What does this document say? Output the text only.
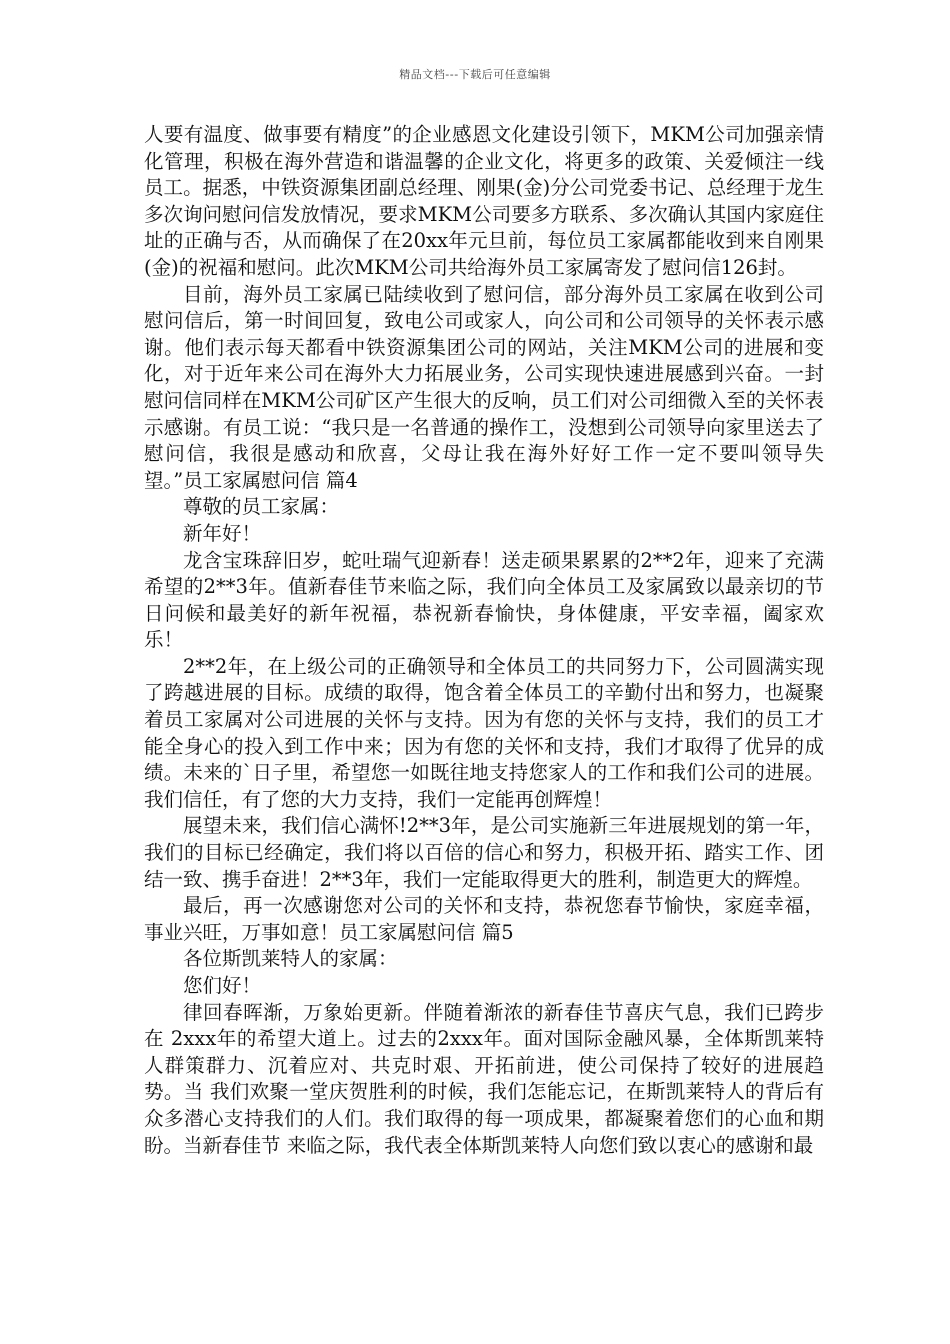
精品文档---下载后可任意编辑

人要有温度、做事要有精度”的企业感恩文化建设引领下，MKM公司加强亲情化管理，积极在海外营造和谐温馨的企业文化，将更多的政策、关爱倾注一线员工。据悉，中铁资源集团副总经理、刚果(金)分公司党委书记、总经理于龙生多次询问慰问信发放情况，要求MKM公司要多方联系、多次确认其国内家庭住址的正确与否，从而确保了在20xx年元旦前，每位员工家属都能收到来自刚果(金)的祝福和慰问。此次MKM公司共给海外员工家属寄发了慰问信126封。

目前，海外员工家属已陆续收到了慰问信，部分海外员工家属在收到公司慰问信后，第一时间回复，致电公司或家人，向公司和公司领导的关怀表示感谢。他们表示每天都看中铁资源集团公司的网站，关注MKM公司的进展和变化，对于近年来公司在海外大力拓展业务，公司实现快速进展感到兴奋。一封慰问信同样在MKM公司矿区产生很大的反响，员工们对公司细微入至的关怀表示感谢。有员工说：“我只是一名普通的操作工，没想到公司领导向家里送去了慰问信，我很是感动和欣喜，父母让我在海外好好工作一定不要叫领导失望。”员工家属慰问信 篇4

尊敬的员工家属：

新年好！

龙含宝珠辞旧岁，蛇吐瑞气迎新春！送走硕果累累的2**2年，迎来了充满希望的2**3年。值新春佳节来临之际，我们向全体员工及家属致以最亲切的节日问候和最美好的新年祝福，恭祝新春愉快，身体健康，平安幸福，阖家欢乐！

2**2年，在上级公司的正确领导和全体员工的共同努力下，公司圆满实现了跨越进展的目标。成绩的取得，饱含着全体员工的辛勤付出和努力，也凝聚着员工家属对公司进展的关怀与支持。因为有您的关怀与支持，我们的员工才能全身心的投入到工作中来；因为有您的关怀和支持，我们才取得了优异的成绩。未来的`日子里，希望您一如既往地支持您家人的工作和我们公司的进展。我们信任，有了您的大力支持，我们一定能再创辉煌！

展望未来，我们信心满怀!2**3年，是公司实施新三年进展规划的第一年，我们的目标已经确定，我们将以百倍的信心和努力，积极开拓、踏实工作、团结一致、携手奋进！2**3年，我们一定能取得更大的胜利，制造更大的辉煌。

最后，再一次感谢您对公司的关怀和支持，恭祝您春节愉快，家庭幸福，事业兴旺，万事如意！员工家属慰问信 篇5

各位斯凯莱特人的家属：

您们好！

律回春晖渐，万象始更新。伴随着渐浓的新春佳节喜庆气息，我们已跨步在 2xxx年的希望大道上。过去的2xxx年。面对国际金融风暴，全体斯凯莱特人群策群力、沉着应对、共克时艰、开拓前进，使公司保持了较好的进展趋势。当 我们欢聚一堂庆贺胜利的时候，我们怎能忘记，在斯凯莱特人的背后有众多潜心支持我们的人们。我们取得的每一项成果，都凝聚着您们的心血和期盼。当新春佳节 来临之际，我代表全体斯凯莱特人向您们致以衷心的感谢和最
